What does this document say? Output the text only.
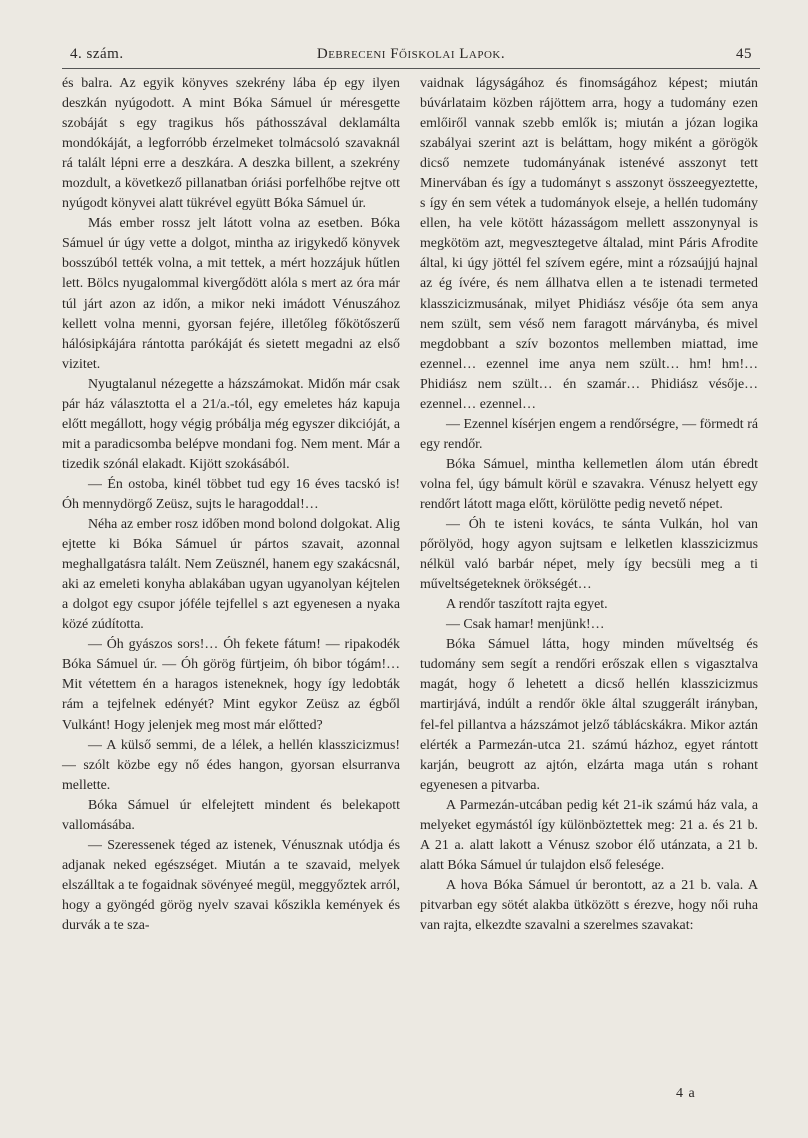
4. szám.	Debreceni Főiskolai Lapok.	45

és balra. Az egyik könyves szekrény lába ép egy ilyen deszkán nyúgodott. A mint Bóka Sámuel úr méresgette szobáját s egy tragikus hős páthosszával deklamálta mondókáját, a legforróbb érzelmeket tolmácsoló szavaknál rá talált lépni erre a deszkára. A deszka billent, a szekrény mozdult, a következő pillanatban óriási porfelhőbe rejtve ott nyúgodt könyvei alatt tükrével együtt Bóka Sámuel úr.

Más ember rossz jelt látott volna az esetben. Bóka Sámuel úr úgy vette a dolgot, mintha az irigykedő könyvek bosszúból tették volna, a mit tettek, a mért hozzájuk hűtlen lett. Bölcs nyugalommal kivergődött alóla s mert az óra már túl járt azon az időn, a mikor neki imádott Vénuszához kellett volna menni, gyorsan fejére, illetőleg főkötőszerű hálósipkájára rántotta parókáját és sietett megadni az első vizitet.

Nyugtalanul nézegette a házszámokat. Midőn már csak pár ház választotta el a 21/a.-tól, egy emeletes ház kapuja előtt megállott, hogy végig próbálja még egyszer dikcióját, a mit a paradicsomba belépve mondani fog. Nem ment. Már a tizedik szónál elakadt. Kijött szokásából.

— Én ostoba, kinél többet tud egy 16 éves tacskó is! Óh mennydörgő Zeüsz, sujts le haragoddal!…

Néha az ember rosz időben mond bolond dolgokat. Alig ejtette ki Bóka Sámuel úr pártos szavait, azonnal meghallgatásra talált. Nem Zeüsznél, hanem egy szakácsnál, aki az emeleti konyha ablakában ugyan ugyanolyan kéjtelen a dolgot egy csupor jóféle tejfellel s azt egyenesen a nyaka közé zúdította.

— Óh gyászos sors!… Óh fekete fátum! — ripakodék Bóka Sámuel úr. — Óh görög fürtjeim, óh bibor tógám!… Mit vétettem én a haragos isteneknek, hogy így ledobták rám a tejfelnek edényét? Mint egykor Zeüsz az égből Vulkánt! Hogy jelenjek meg most már előtted?

— A külső semmi, de a lélek, a hellén klasszicizmus! — szólt közbe egy nő édes hangon, gyorsan elsurranva mellette.

Bóka Sámuel úr elfelejtett mindent és belekapott vallomásába.

— Szeressenek téged az istenek, Vénusznak utódja és adjanak neked egészséget. Miután a te szavaid, melyek elszálltak a te fogaidnak sövényeé megül, meggyőztek arról, hogy a gyöngéd görög nyelv szavai kőszikla kemények és durvák a te sza-

vaidnak lágyságához és finomságához képest; miután búvárlataim közben rájöttem arra, hogy a tudomány ezen emlőiről vannak szebb emlők is; miután a józan logika szabályai szerint azt is beláttam, hogy miként a görögök dicső nemzete tudományának istenévé asszonyt tett Minervában és így a tudományt s asszonyt összeegyeztette, s így én sem vétek a tudományok elseje, a hellén tudomány ellen, ha vele kötött házasságom mellett asszonynyal is megkötöm azt, megvesztegetve általad, mint Páris Afrodite által, ki úgy jöttél fel szívem egére, mint a rózsaújjú hajnal az ég ívére, és nem állhatva ellen a te istenadi termeted klasszicizmusának, milyet Phidiász vésője óta sem anya nem szült, sem véső nem faragott márványba, és mivel megdobbant a szív bozontos mellemben miattad, ime ezennel… ezennel ime anya nem szült… hm! hm!… Phidiász nem szült… én szamár… Phidiász vésője… ezennel… ezennel…

— Ezennel kísérjen engem a rendőrségre, — förmedt rá egy rendőr.

Bóka Sámuel, mintha kellemetlen álom után ébredt volna fel, úgy bámult körül e szavakra. Vénusz helyett egy rendőrt látott maga előtt, körülötte pedig nevető népet.

— Óh te isteni kovács, te sánta Vulkán, hol van pőrölyöd, hogy agyon sujtsam e lelketlen klasszicizmus nélkül való barbár népet, mely így becsüli meg a ti műveltségeteknek örökségét…

A rendőr taszított rajta egyet.

— Csak hamar! menjünk!…

Bóka Sámuel látta, hogy minden műveltség és tudomány sem segít a rendőri erőszak ellen s vigasztalva magát, hogy ő lehetett a dicső hellén klasszicizmus martirjává, indúlt a rendőr ökle által szuggerált irányban, fel-fel pillantva a házszámot jelző táblácskákra. Mikor aztán elérték a Parmezán-utca 21. számú házhoz, egyet rántott karján, beugrott az ajtón, elzárta maga után s rohant egyenesen a pitvarba.

A Parmezán-utcában pedig két 21-ik számú ház vala, a melyeket egymástól így különböztettek meg: 21 a. és 21 b. A 21 a. alatt lakott a Vénusz szobor élő utánzata, a 21 b. alatt Bóka Sámuel úr tulajdon első felesége.

A hova Bóka Sámuel úr berontott, az a 21 b. vala. A pitvarban egy sötét alakba ütközött s érezve, hogy női ruha van rajta, elkezdte szavalni a szerelmes szavakat:

4 a
